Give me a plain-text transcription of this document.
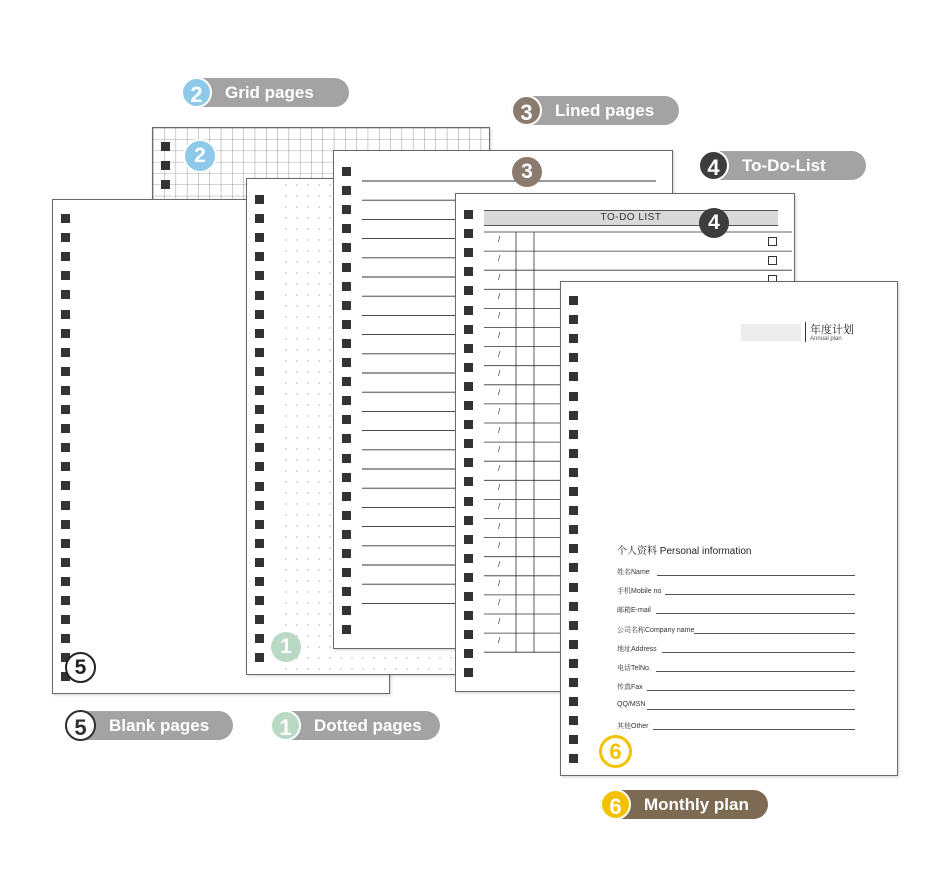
2
5
1
3
TO-DO LIST
/
/
/
/
/
/
/
/
/
/
/
/
/
/
/
/
/
/
/
/
/
/
4
年度计划
Annual plan
个人资料 Personal information
姓名Name
手机Mobile no
邮箱E-mail
公司名称Company name
地址Address
电话TelNo.
传真Fax
QQ/MSN
其他Other
6
2	Grid pages
3	Lined pages
4	To-Do-List
5	Blank pages	1	Dotted pages
6	Monthly plan
